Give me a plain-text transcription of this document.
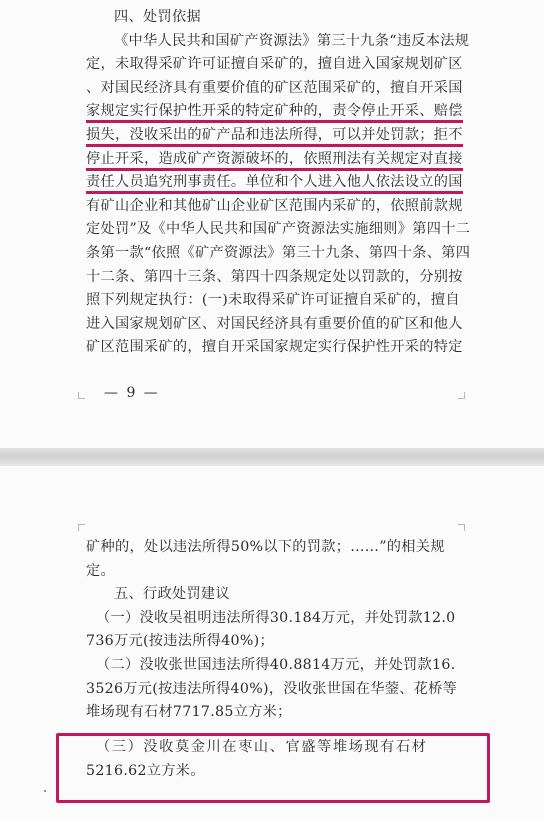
四、处罚依据
《中华人民共和国矿产资源法》第三十九条“违反本法规
定，未取得采矿许可证擅自采矿的，擅自进入国家规划矿区
、对国民经济具有重要价值的矿区范围采矿的，擅自开采国
家规定实行保护性开采的特定矿种的，责令停止开采、赔偿
损失，没收采出的矿产品和违法所得，可以并处罚款；拒不
停止开采，造成矿产资源破坏的，依照刑法有关规定对直接
责任人员追究刑事责任。单位和个人进入他人依法设立的国
有矿山企业和其他矿山企业矿区范围内采矿的，依照前款规
定处罚”及《中华人民共和国矿产资源法实施细则》第四十二
条第一款“依照《矿产资源法》第三十九条、第四十条、第四
十二条、第四十三条、第四十四条规定处以罚款的，分别按
照下列规定执行：(一)未取得采矿许可证擅自采矿的，擅自
进入国家规划矿区、对国民经济具有重要价值的矿区和他人
矿区范围采矿的，擅自开采国家规定实行保护性开采的特定
— 9 —
矿种的，处以违法所得50%以下的罚款；……”的相关规
定。
五、行政处罚建议
（一）没收吴祖明违法所得30.184万元，并处罚款12.0
736万元(按违法所得40%)；
（二）没收张世国违法所得40.8814万元，并处罚款16.
3526万元(按违法所得40%)，没收张世国在华蓥、花桥等
堆场现有石材7717.85立方米；
（三）没收莫金川在枣山、官盛等堆场现有石材
5216.62立方米。
